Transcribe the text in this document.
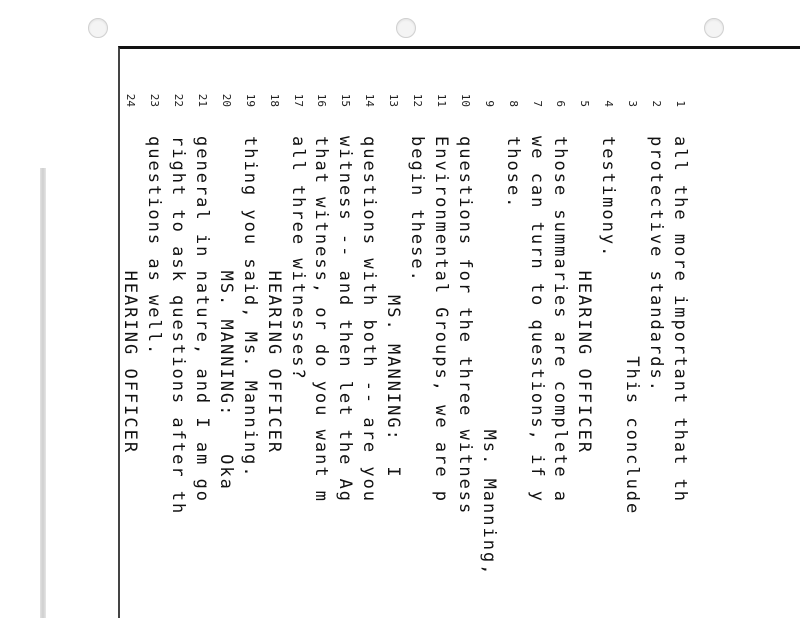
1
all the more important that th
2
protective standards.
3
This conclude
4
testimony.
5
HEARING OFFICER
6
those summaries are complete a
7
we can turn to questions, if y
8
those.
9
Ms. Manning,
10
questions for the three witness
11
Environmental Groups, we are p
12
begin these.
13
MS. MANNING:  I
14
questions with both -- are you
15
witness -- and then let the Ag
16
that witness, or do you want m
17
all three witnesses?
18
HEARING OFFICER
19
thing you said, Ms. Manning.
20
MS. MANNING:   Oka
21
general in nature, and I am go
22
right to ask questions after th
23
questions as well.
24
HEARING OFFICER
